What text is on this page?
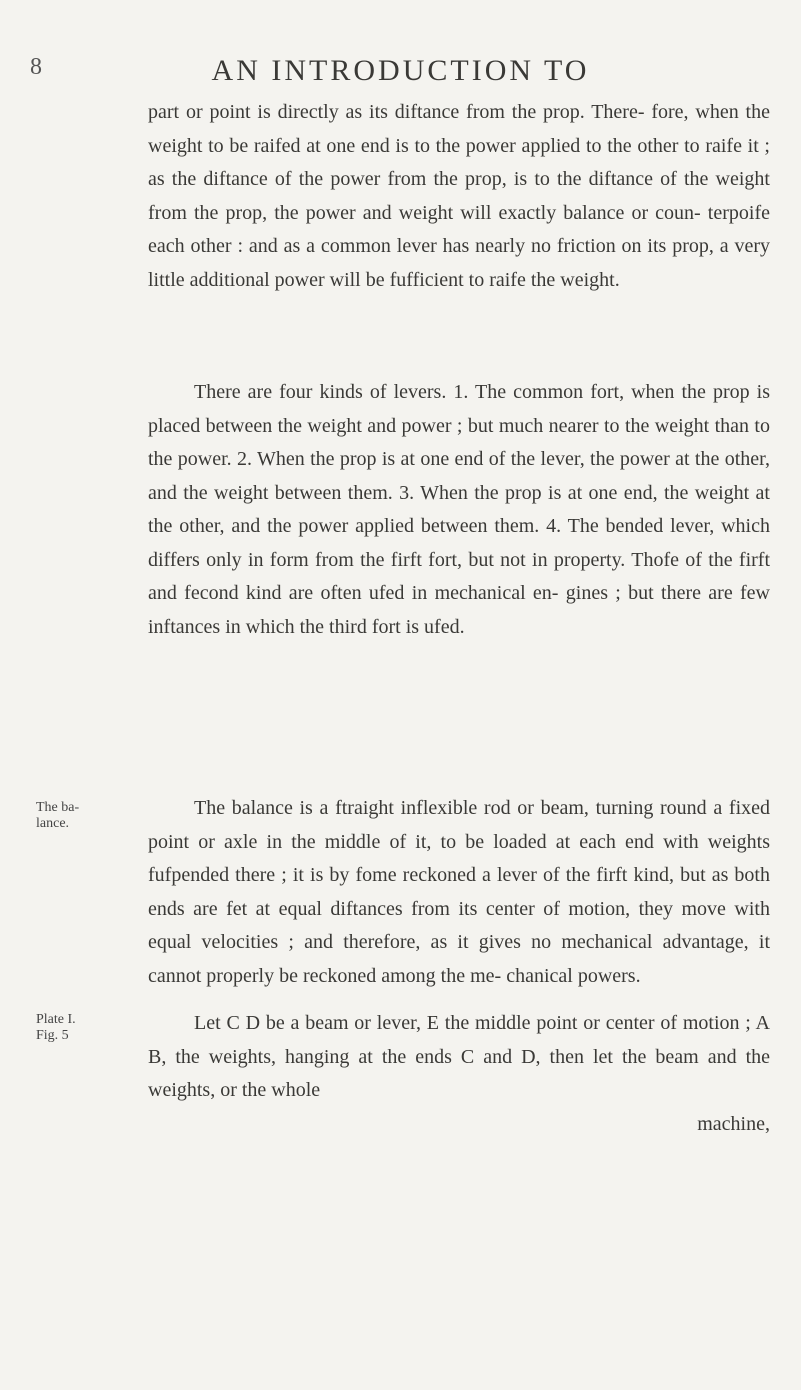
8	AN INTRODUCTION TO

part or point is directly as its diftance from the prop. There- fore, when the weight to be raifed at one end is to the power applied to the other to raife it ; as the diftance of the power from the prop, is to the diftance of the weight from the prop, the power and weight will exactly balance or coun- terpoife each other : and as a common lever has nearly no friction on its prop, a very little additional power will be fufficient to raife the weight.

There are four kinds of levers. 1. The common fort, when the prop is placed between the weight and power ; but much nearer to the weight than to the power. 2. When the prop is at one end of the lever, the power at the other, and the weight between them. 3. When the prop is at one end, the weight at the other, and the power applied between them. 4. The bended lever, which differs only in form from the firft fort, but not in property. Thofe of the firft and fecond kind are often ufed in mechanical en- gines ; but there are few inftances in which the third fort is ufed.

The balance is a ftraight inflexible rod or beam, turning round a fixed point or axle in the middle of it, to be loaded at each end with weights fufpended there ; it is by fome reckoned a lever of the firft kind, but as both ends are fet at equal diftances from its center of motion, they move with equal velocities ; and therefore, as it gives no mechanical advantage, it cannot properly be reckoned among the me- chanical powers.

Let C D be a beam or lever, E the middle point or center of motion ; A B, the weights, hanging at the ends C and D, then let the beam and the weights, or the whole
machine,

The ba-
lance.
Plate I.
Fig. 5
